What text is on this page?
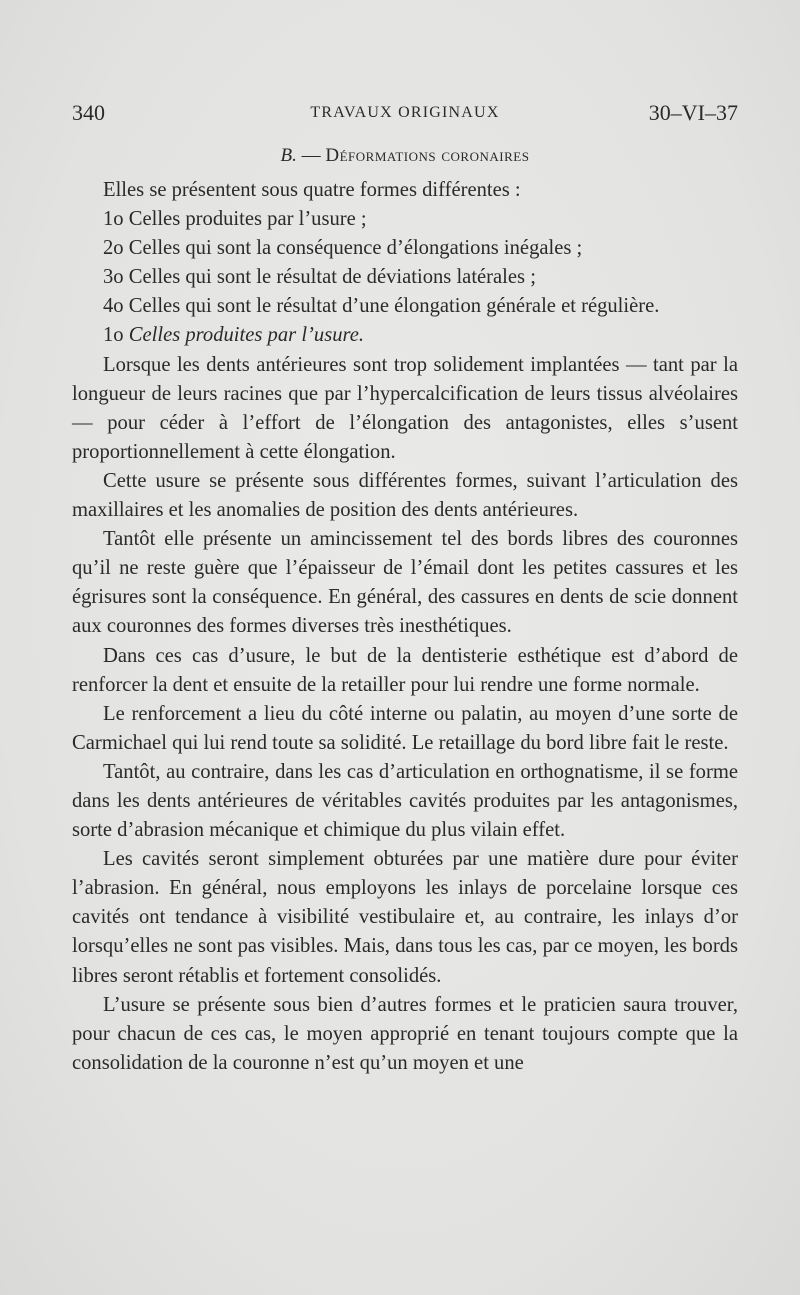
340	TRAVAUX ORIGINAUX	30–VI–37
B. — Déformations coronaires

Elles se présentent sous quatre formes différentes :

1o Celles produites par l’usure ;

2o Celles qui sont la conséquence d’élongations inégales ;

3o Celles qui sont le résultat de déviations latérales ;

4o Celles qui sont le résultat d’une élongation générale et régulière.

1o Celles produites par l’usure.

Lorsque les dents antérieures sont trop solidement implantées — tant par la longueur de leurs racines que par l’hypercalcification de leurs tissus alvéolaires — pour céder à l’effort de l’élongation des antagonistes, elles s’usent proportionnellement à cette élongation.

Cette usure se présente sous différentes formes, suivant l’articulation des maxillaires et les anomalies de position des dents antérieures.

Tantôt elle présente un amincissement tel des bords libres des couronnes qu’il ne reste guère que l’épaisseur de l’émail dont les petites cassures et les égrisures sont la conséquence. En général, des cassures en dents de scie donnent aux couronnes des formes diverses très inesthétiques.

Dans ces cas d’usure, le but de la dentisterie esthétique est d’abord de renforcer la dent et ensuite de la retailler pour lui rendre une forme normale.

Le renforcement a lieu du côté interne ou palatin, au moyen d’une sorte de Carmichael qui lui rend toute sa solidité. Le retaillage du bord libre fait le reste.

Tantôt, au contraire, dans les cas d’articulation en orthognatisme, il se forme dans les dents antérieures de véritables cavités produites par les antagonismes, sorte d’abrasion mécanique et chimique du plus vilain effet.

Les cavités seront simplement obturées par une matière dure pour éviter l’abrasion. En général, nous employons les inlays de porcelaine lorsque ces cavités ont tendance à visibilité vestibulaire et, au contraire, les inlays d’or lorsqu’elles ne sont pas visibles. Mais, dans tous les cas, par ce moyen, les bords libres seront rétablis et fortement consolidés.

L’usure se présente sous bien d’autres formes et le praticien saura trouver, pour chacun de ces cas, le moyen approprié en tenant toujours compte que la consolidation de la couronne n’est qu’un moyen et une
